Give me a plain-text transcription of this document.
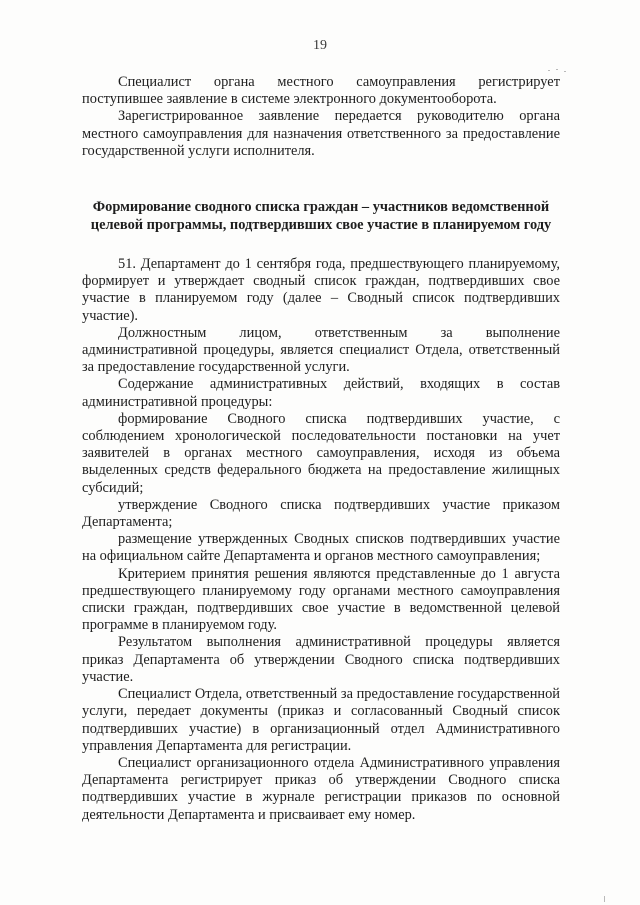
19

Специалист органа местного самоуправления регистрирует поступившее заявление в системе электронного документооборота.

Зарегистрированное заявление передается руководителю органа местного самоуправления для назначения ответственного за предоставление государственной услуги исполнителя.

Формирование сводного списка граждан – участников ведомственной
целевой программы, подтвердивших свое участие в планируемом году

51. Департамент до 1 сентября года, предшествующего планируемому, формирует и утверждает сводный список граждан, подтвердивших свое участие в планируемом году (далее – Сводный список подтвердивших участие).

Должностным лицом, ответственным за выполнение административной процедуры, является специалист Отдела, ответственный за предоставление государственной услуги.

Содержание административных действий, входящих в состав административной процедуры:

формирование Сводного списка подтвердивших участие, с соблюдением хронологической последовательности постановки на учет заявителей в органах местного самоуправления, исходя из объема выделенных средств федерального бюджета на предоставление жилищных субсидий;

утверждение Сводного списка подтвердивших участие приказом Департамента;

размещение утвержденных Сводных списков подтвердивших участие на официальном сайте Департамента и органов местного самоуправления;

Критерием принятия решения являются представленные до 1 августа предшествующего планируемому году органами местного самоуправления списки граждан, подтвердивших свое участие в ведомственной целевой программе в планируемом году.

Результатом выполнения административной процедуры является приказ Департамента об утверждении Сводного списка подтвердивших участие.

Специалист Отдела, ответственный за предоставление государственной услуги, передает документы (приказ и согласованный Сводный список подтвердивших участие) в организационный отдел Административного управления Департамента для регистрации.

Специалист организационного отдела Административного управления Департамента регистрирует приказ об утверждении Сводного списка подтвердивших участие в журнале регистрации приказов по основной деятельности Департамента и присваивает ему номер.
